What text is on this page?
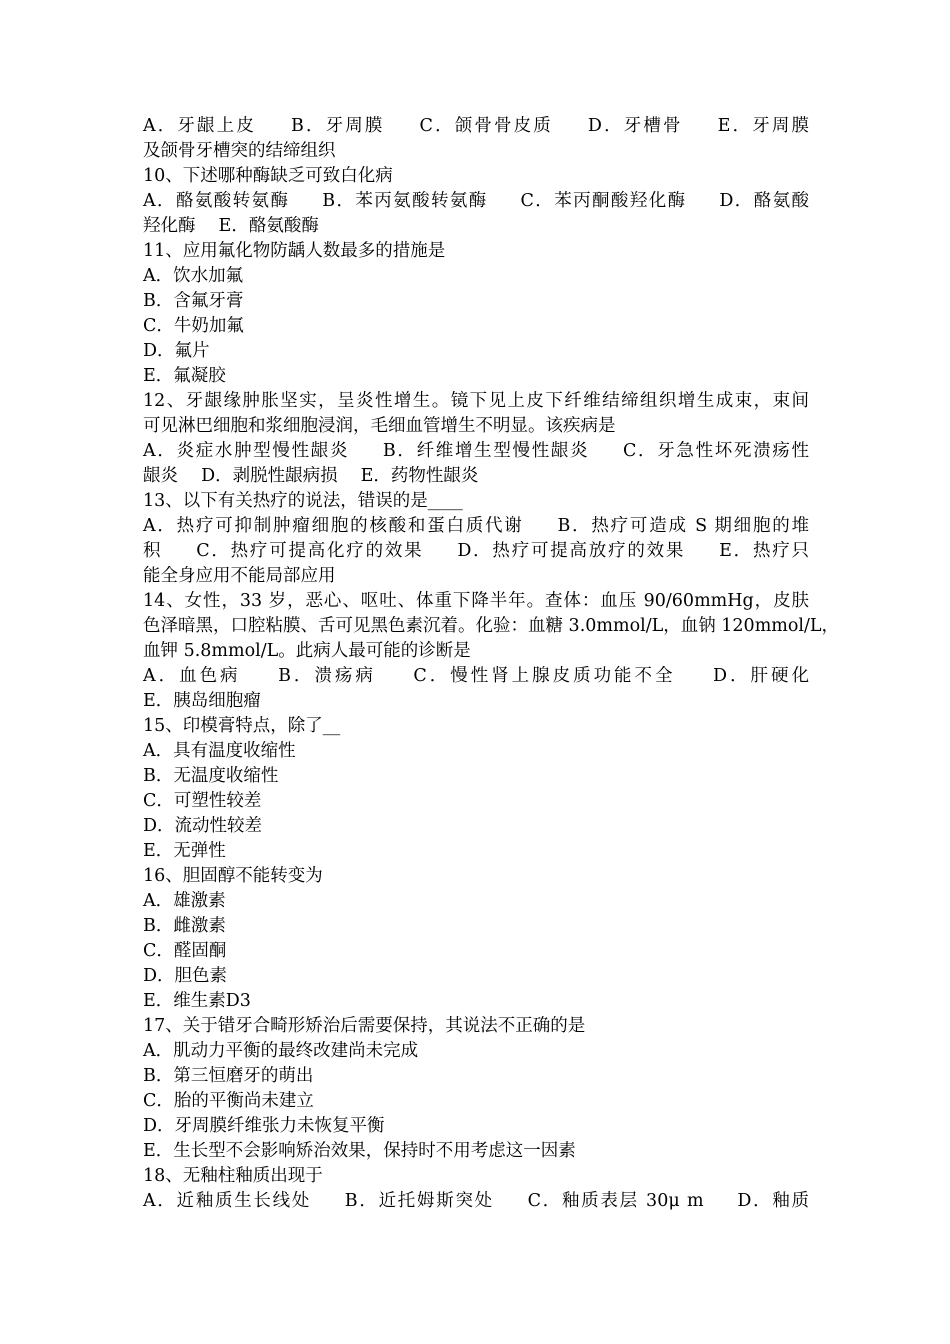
A．牙龈上皮 　 B．牙周膜 　 C．颌骨骨皮质 　 D．牙槽骨 　 E．牙周膜
及颌骨牙槽突的结缔组织
10、下述哪种酶缺乏可致白化病
A．酪氨酸转氨酶 　 B．苯丙氨酸转氨酶 　 C．苯丙酮酸羟化酶 　 D．酪氨酸
羟化酶　 E．酪氨酸酶
11、应用氟化物防龋人数最多的措施是
A．饮水加氟
B．含氟牙膏
C．牛奶加氟
D．氟片
E．氟凝胶
12、牙龈缘肿胀坚实，呈炎性增生。镜下见上皮下纤维结缔组织增生成束，束间
可见淋巴细胞和浆细胞浸润，毛细血管增生不明显。该疾病是
A．炎症水肿型慢性龈炎 　 B．纤维增生型慢性龈炎 　 C．牙急性坏死溃疡性
龈炎　 D．剥脱性龈病损　 E．药物性龈炎
13、以下有关热疗的说法，错误的是____
A．热疗可抑制肿瘤细胞的核酸和蛋白质代谢 　 B．热疗可造成 S 期细胞的堆
积 　 C．热疗可提高化疗的效果 　 D．热疗可提高放疗的效果 　 E．热疗只
能全身应用不能局部应用
14、女性，33 岁，恶心、呕吐、体重下降半年。查体：血压 90/60mmHg，皮肤
色泽暗黑，口腔粘膜、舌可见黑色素沉着。化验：血糖 3.0mmol/L，血钠 120mmol/L，
血钾 5.8mmol/L。此病人最可能的诊断是
A．血色病 　 B．溃疡病 　 C．慢性肾上腺皮质功能不全 　 D．肝硬化
E．胰岛细胞瘤
15、印模膏特点，除了__
A．具有温度收缩性
B．无温度收缩性
C．可塑性较差
D．流动性较差
E．无弹性
16、胆固醇不能转变为
A．雄激素
B．雌激素
C．醛固酮
D．胆色素
E．维生素D3
17、关于错牙合畸形矫治后需要保持，其说法不正确的是
A．肌动力平衡的最终改建尚未完成
B．第三恒磨牙的萌出
C．胎的平衡尚未建立
D．牙周膜纤维张力未恢复平衡
E．生长型不会影响矫治效果，保持时不用考虑这一因素
18、无釉柱釉质出现于
A．近釉质生长线处 　 B．近托姆斯突处 　 C．釉质表层 30μ m 　 D．釉质
